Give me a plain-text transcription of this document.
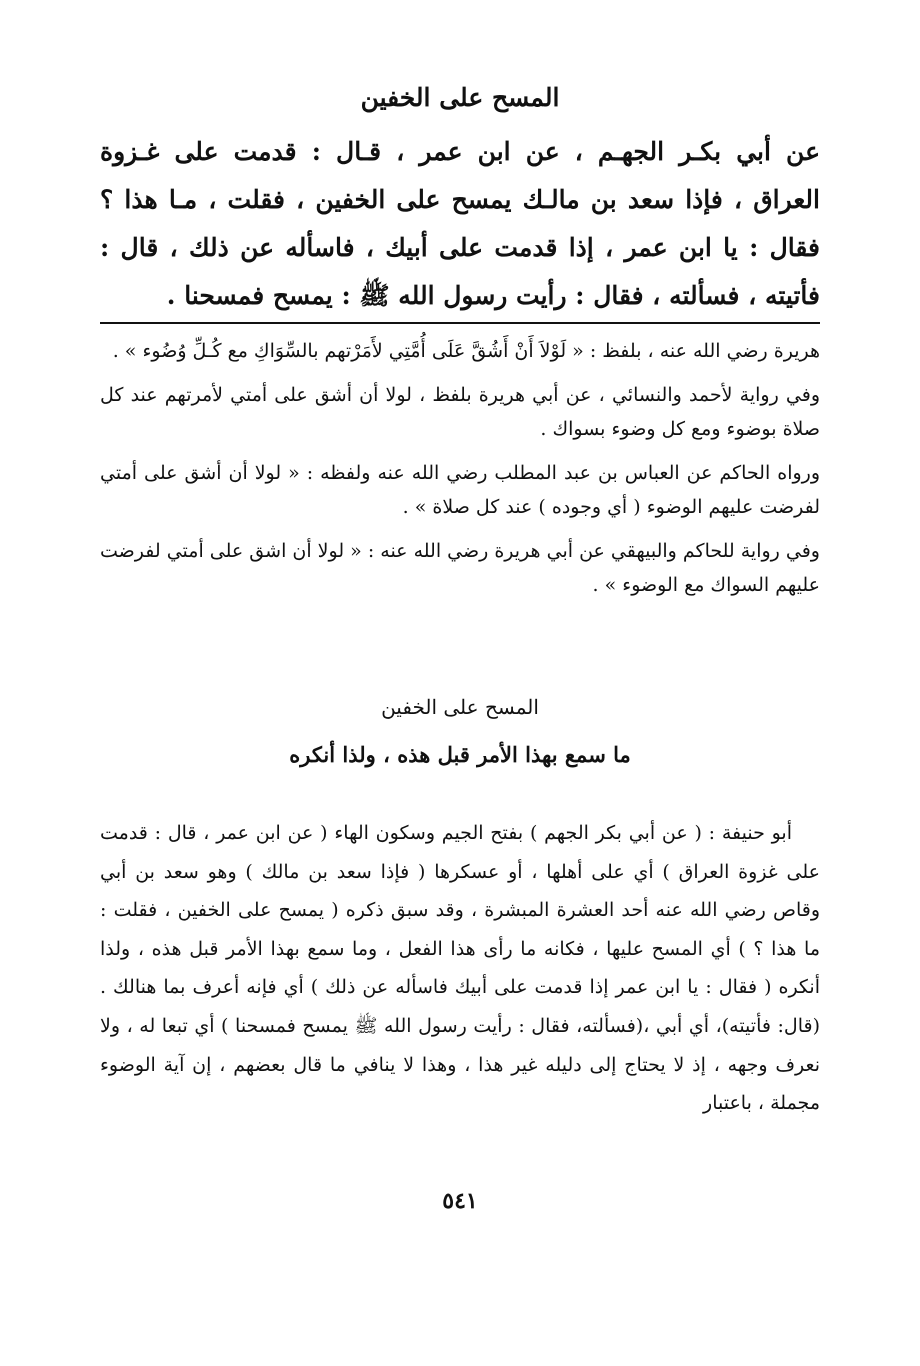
المسح على الخفين
عن أبي بكـر الجهـم ، عن ابن عمر ، قـال : قدمت على غـزوة
العراق ، فإذا سعد بن مالـك يمسح على الخفين ، فقلت ، مـا هذا ؟
فقال : يا ابن عمر ، إذا قدمت على أبيك ، فاسأله عن ذلك ، قال :
فأتيته ، فسألته ، فقال : رأيت رسول الله ﷺ : يمسح فمسحنا .

هريرة رضي الله عنه ، بلفظ : « لَوْلاَ أَنْ أَشُقَّ عَلَى أُمَّتِي لأَمَرْتهم بالسِّوَاكِ مع كُـلِّ وُضُوء » .

وفي رواية لأحمد والنسائي ، عن أبي هريرة بلفظ ، لولا أن أشق على أمتي لأمرتهم عند كل صلاة بوضوء ومع كل وضوء بسواك .

ورواه الحاكم عن العباس بن عبد المطلب رضي الله عنه ولفظه : « لولا أن أشق على أمتي لفرضت عليهم الوضوء ( أي وجوده ) عند كل صلاة » .

وفي رواية للحاكم والبيهقي عن أبي هريرة رضي الله عنه : « لولا أن اشق على أمتي لفرضت عليهم السواك مع الوضوء » .

المسح على الخفين
ما سمع بهذا الأمر قبل هذه ، ولذا أنكره

أبو حنيفة : ( عن أبي بكر الجهم ) بفتح الجيم وسكون الهاء ( عن ابن عمر ، قال : قدمت على غزوة العراق ) أي على أهلها ، أو عسكرها ( فإذا سعد بن مالك ) وهو سعد بن أبي وقاص رضي الله عنه أحد العشرة المبشرة ، وقد سبق ذكره ( يمسح على الخفين ، فقلت : ما هذا ؟ ) أي المسح عليها ، فكانه ما رأى هذا الفعل ، وما سمع بهذا الأمر قبل هذه ، ولذا أنكره ( فقال : يا ابن عمر إذا قدمت على أبيك فاسأله عن ذلك ) أي فإنه أعرف بما هنالك .(قال: فأتيته)، أي أبي ،(فسألته، فقال : رأيت رسول الله ﷺ يمسح فمسحنا ) أي تبعا له ، ولا نعرف وجهه ، إذ لا يحتاج إلى دليله غير هذا ، وهذا لا ينافي ما قال بعضهم ، إن آية الوضوء مجملة ، باعتبار

٥٤١
